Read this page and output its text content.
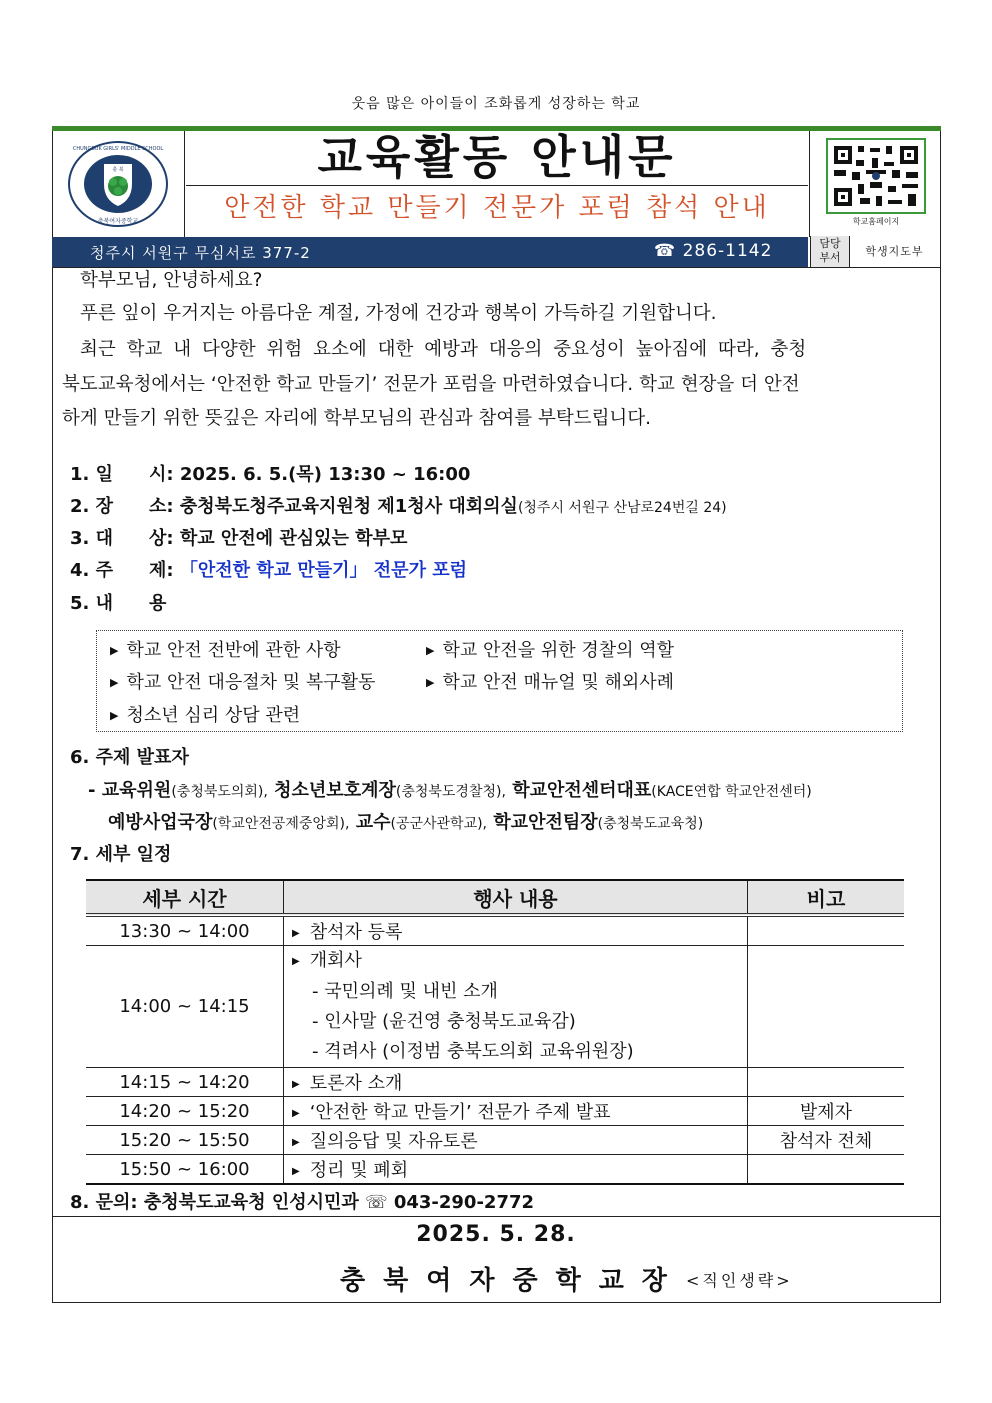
웃음 많은 아이들이 조화롭게 성장하는 학교
충 북
CHUNGBUK GIRLS' MIDDLE SCHOOL
충북여자중학교
교육활동 안내문
안전한 학교 만들기 전문가 포럼 참석 안내	학교홈페이지
청주시 서원구 무심서로 377-2	☎ 286-1142	담당
부서	학생지도부

학부모님, 안녕하세요?

푸른 잎이 우거지는 아름다운 계절, 가정에 건강과 행복이 가득하길 기원합니다.

최근 학교 내 다양한 위험 요소에 대한 예방과 대응의 중요성이 높아짐에 따라, 충청

북도교육청에서는 ‘안전한 학교 만들기’ 전문가 포럼을 마련하였습니다. 학교 현장을 더 안전

하게 만들기 위한 뜻깊은 자리에 학부모님의 관심과 참여를 부탁드립니다.

1. 일　　시: 2025. 6. 5.(목) 13:30 ~ 16:00
2. 장　　소: 충청북도청주교육지원청 제1청사 대회의실(청주시 서원구 산남로24번길 24)
3. 대　　상: 학교 안전에 관심있는 학부모
4. 주　　제: 「안전한 학교 만들기」 전문가 포럼
5. 내　　용
▶ 학교 안전 전반에 관한 사항	▶ 학교 안전을 위한 경찰의 역할
▶ 학교 안전 대응절차 및 복구활동	▶ 학교 안전 매뉴얼 및 해외사례
▶ 청소년 심리 상담 관련
6. 주제 발표자
- 교육위원(충청북도의회), 청소년보호계장(충청북도경찰청), 학교안전센터대표(KACE연합 학교안전센터)
예방사업국장(학교안전공제중앙회), 교수(공군사관학교), 학교안전팀장(충청북도교육청)
7. 세부 일정
세부 시간	행사 내용	비고
13:30 ~ 14:00	▶ 참석자 등록	
14:00 ~ 14:15	▶ 개회사
- 국민의례 및 내빈 소개
- 인사말 (윤건영 충청북도교육감)
- 격려사 (이정범 충북도의회 교육위원장)	

14:15 ~ 14:20	▶ 토론자 소개	
14:20 ~ 15:20	▶ ‘안전한 학교 만들기’ 전문가 주제 발표	발제자
15:20 ~ 15:50	▶ 질의응답 및 자유토론	참석자 전체
15:50 ~ 16:00	▶ 정리 및 폐회	
8. 문의: 충청북도교육청 인성시민과 ☏ 043-290-2772
2025. 5. 28.
충북여자중학교장 <직인생략>
